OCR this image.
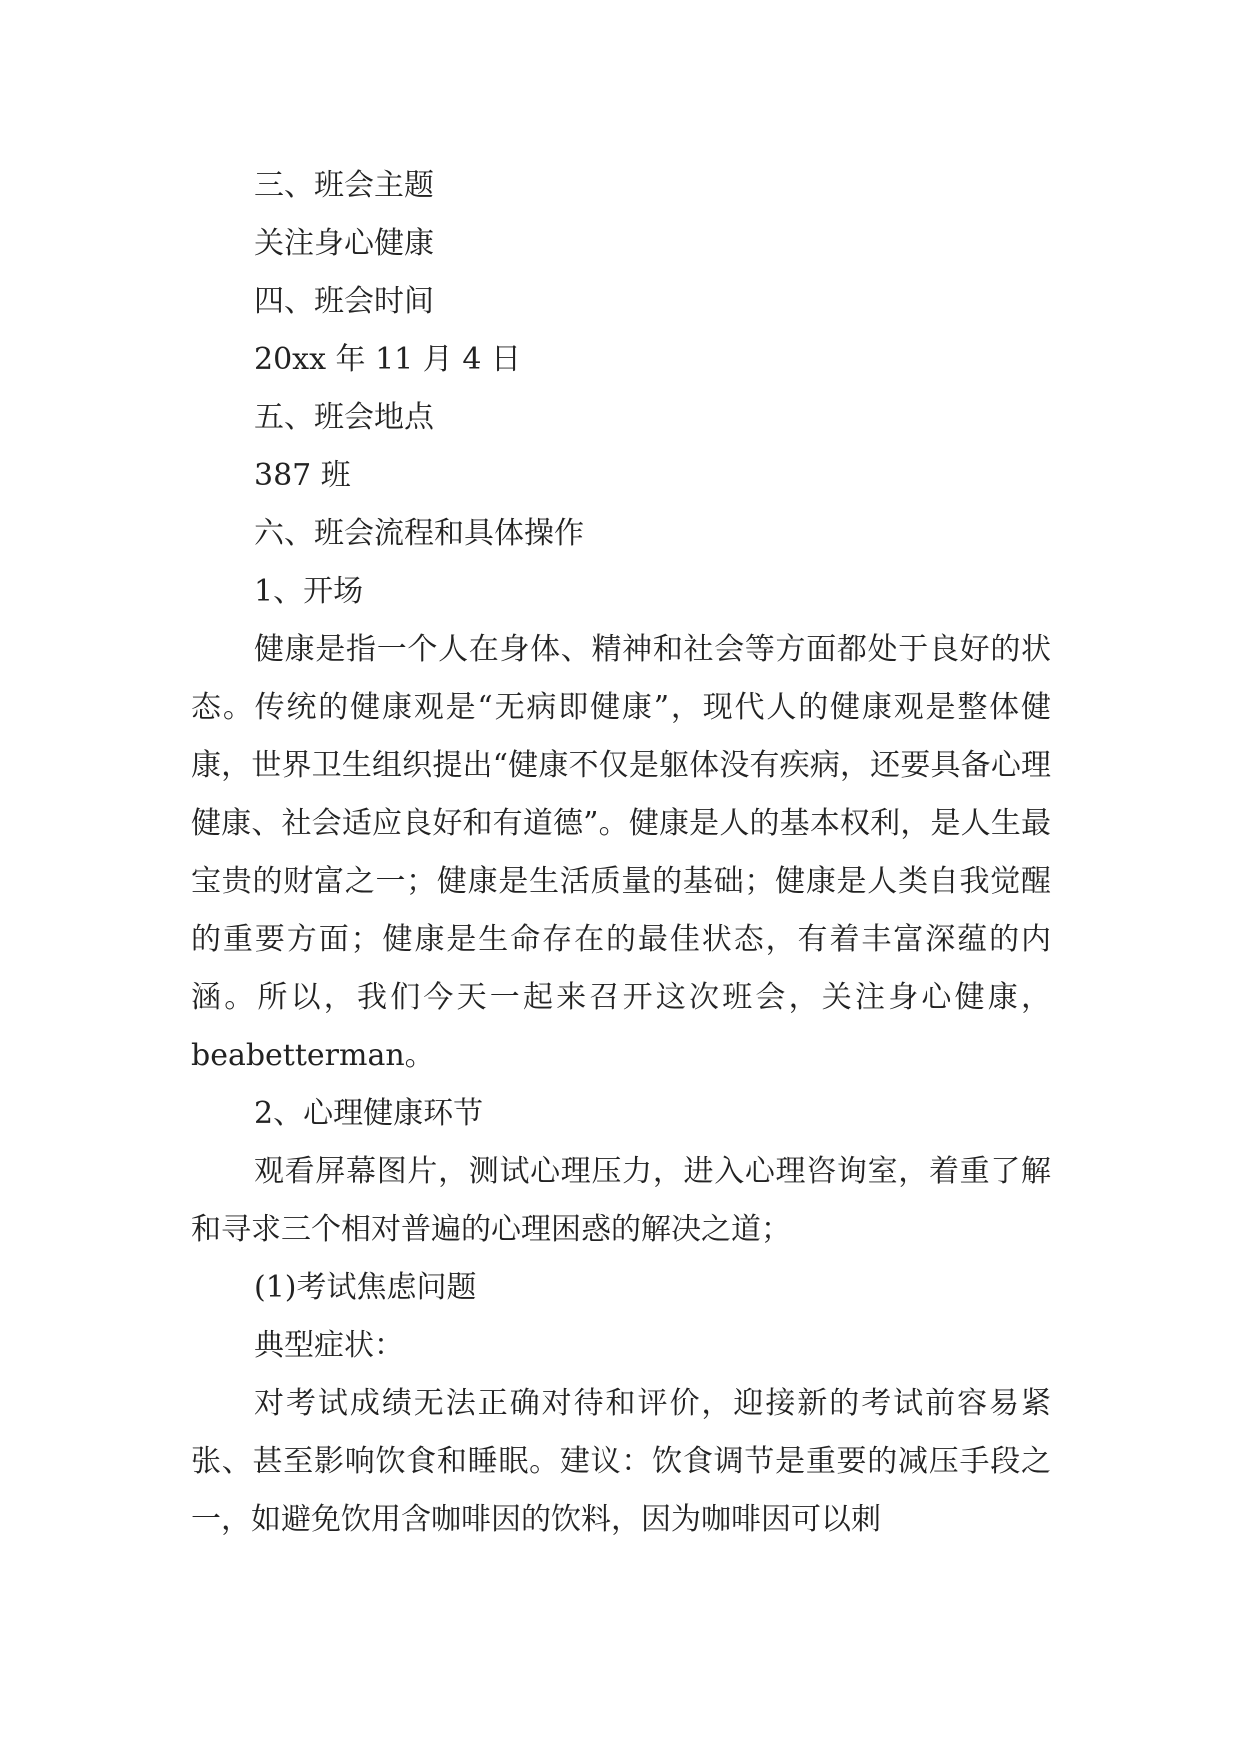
三、班会主题

关注身心健康

四、班会时间

20xx 年 11 月 4 日

五、班会地点

387 班

六、班会流程和具体操作

1、开场

健康是指一个人在身体、精神和社会等方面都处于良好的状态。传统的健康观是“无病即健康”，现代人的健康观是整体健康，世界卫生组织提出“健康不仅是躯体没有疾病，还要具备心理健康、社会适应良好和有道德”。健康是人的基本权利，是人生最宝贵的财富之一；健康是生活质量的基础；健康是人类自我觉醒的重要方面；健康是生命存在的最佳状态，有着丰富深蕴的内涵。所以，我们今天一起来召开这次班会，关注身心健康，beabetterman。

2、心理健康环节

观看屏幕图片，测试心理压力，进入心理咨询室，着重了解和寻求三个相对普遍的心理困惑的解决之道；

(1)考试焦虑问题

典型症状：

对考试成绩无法正确对待和评价，迎接新的考试前容易紧张、甚至影响饮食和睡眠。建议：饮食调节是重要的减压手段之一，如避免饮用含咖啡因的饮料，因为咖啡因可以刺
